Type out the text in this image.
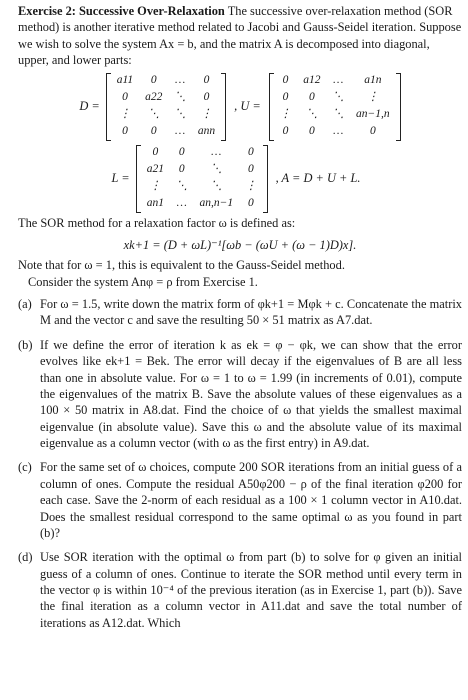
Exercise 2: Successive Over-Relaxation The successive over-relaxation method (SOR method) is another iterative method related to Jacobi and Gauss-Seidel iteration. Suppose we wish to solve the system Ax = b, and the matrix A is decomposed into diagonal, upper, and lower parts:

D =
a11	0	…	0
0	a22	⋱	0
⋮	⋱	⋱	⋮
0	0	…	ann
, U =
0	a12	…	a1n
0	0	⋱	⋮
⋮	⋱	⋱	an−1,n
0	0	…	0
L =
0	0	…	0
a21	0	⋱	0
⋮	⋱	⋱	⋮
an1	…	an,n−1	0
, A = D + U + L.

The SOR method for a relaxation factor ω is defined as:

xk+1 = (D + ωL)⁻¹[ωb − (ωU + (ω − 1)D)x].

Note that for ω = 1, this is equivalent to the Gauss-Seidel method.

Consider the system Anφ = ρ from Exercise 1.

(a) For ω = 1.5, write down the matrix form of φk+1 = Mφk + c. Concatenate the matrix M and the vector c and save the resulting 50 × 51 matrix as A7.dat.
(b) If we define the error of iteration k as ek = φ − φk, we can show that the error evolves like ek+1 = Bek. The error will decay if the eigenvalues of B are all less than one in absolute value. For ω = 1 to ω = 1.99 (in increments of 0.01), compute the eigenvalues of the matrix B. Save the absolute values of these eigenvalues as a 100 × 50 matrix in A8.dat. Find the choice of ω that yields the smallest maximal eigenvalue (in absolute value). Save this ω and the absolute value of its maximal eigenvalue as a column vector (with ω as the first entry) in A9.dat.
(c) For the same set of ω choices, compute 200 SOR iterations from an initial guess of a column of ones. Compute the residual A50φ200 − ρ of the final iteration φ200 for each case. Save the 2-norm of each residual as a 100 × 1 column vector in A10.dat. Does the smallest residual correspond to the same optimal ω as you found in part (b)?
(d) Use SOR iteration with the optimal ω from part (b) to solve for φ given an initial guess of a column of ones. Continue to iterate the SOR method until every term in the vector φ is within 10⁻⁴ of the previous iteration (as in Exercise 1, part (b)). Save the final iteration as a column vector in A11.dat and save the total number of iterations as A12.dat. Which
